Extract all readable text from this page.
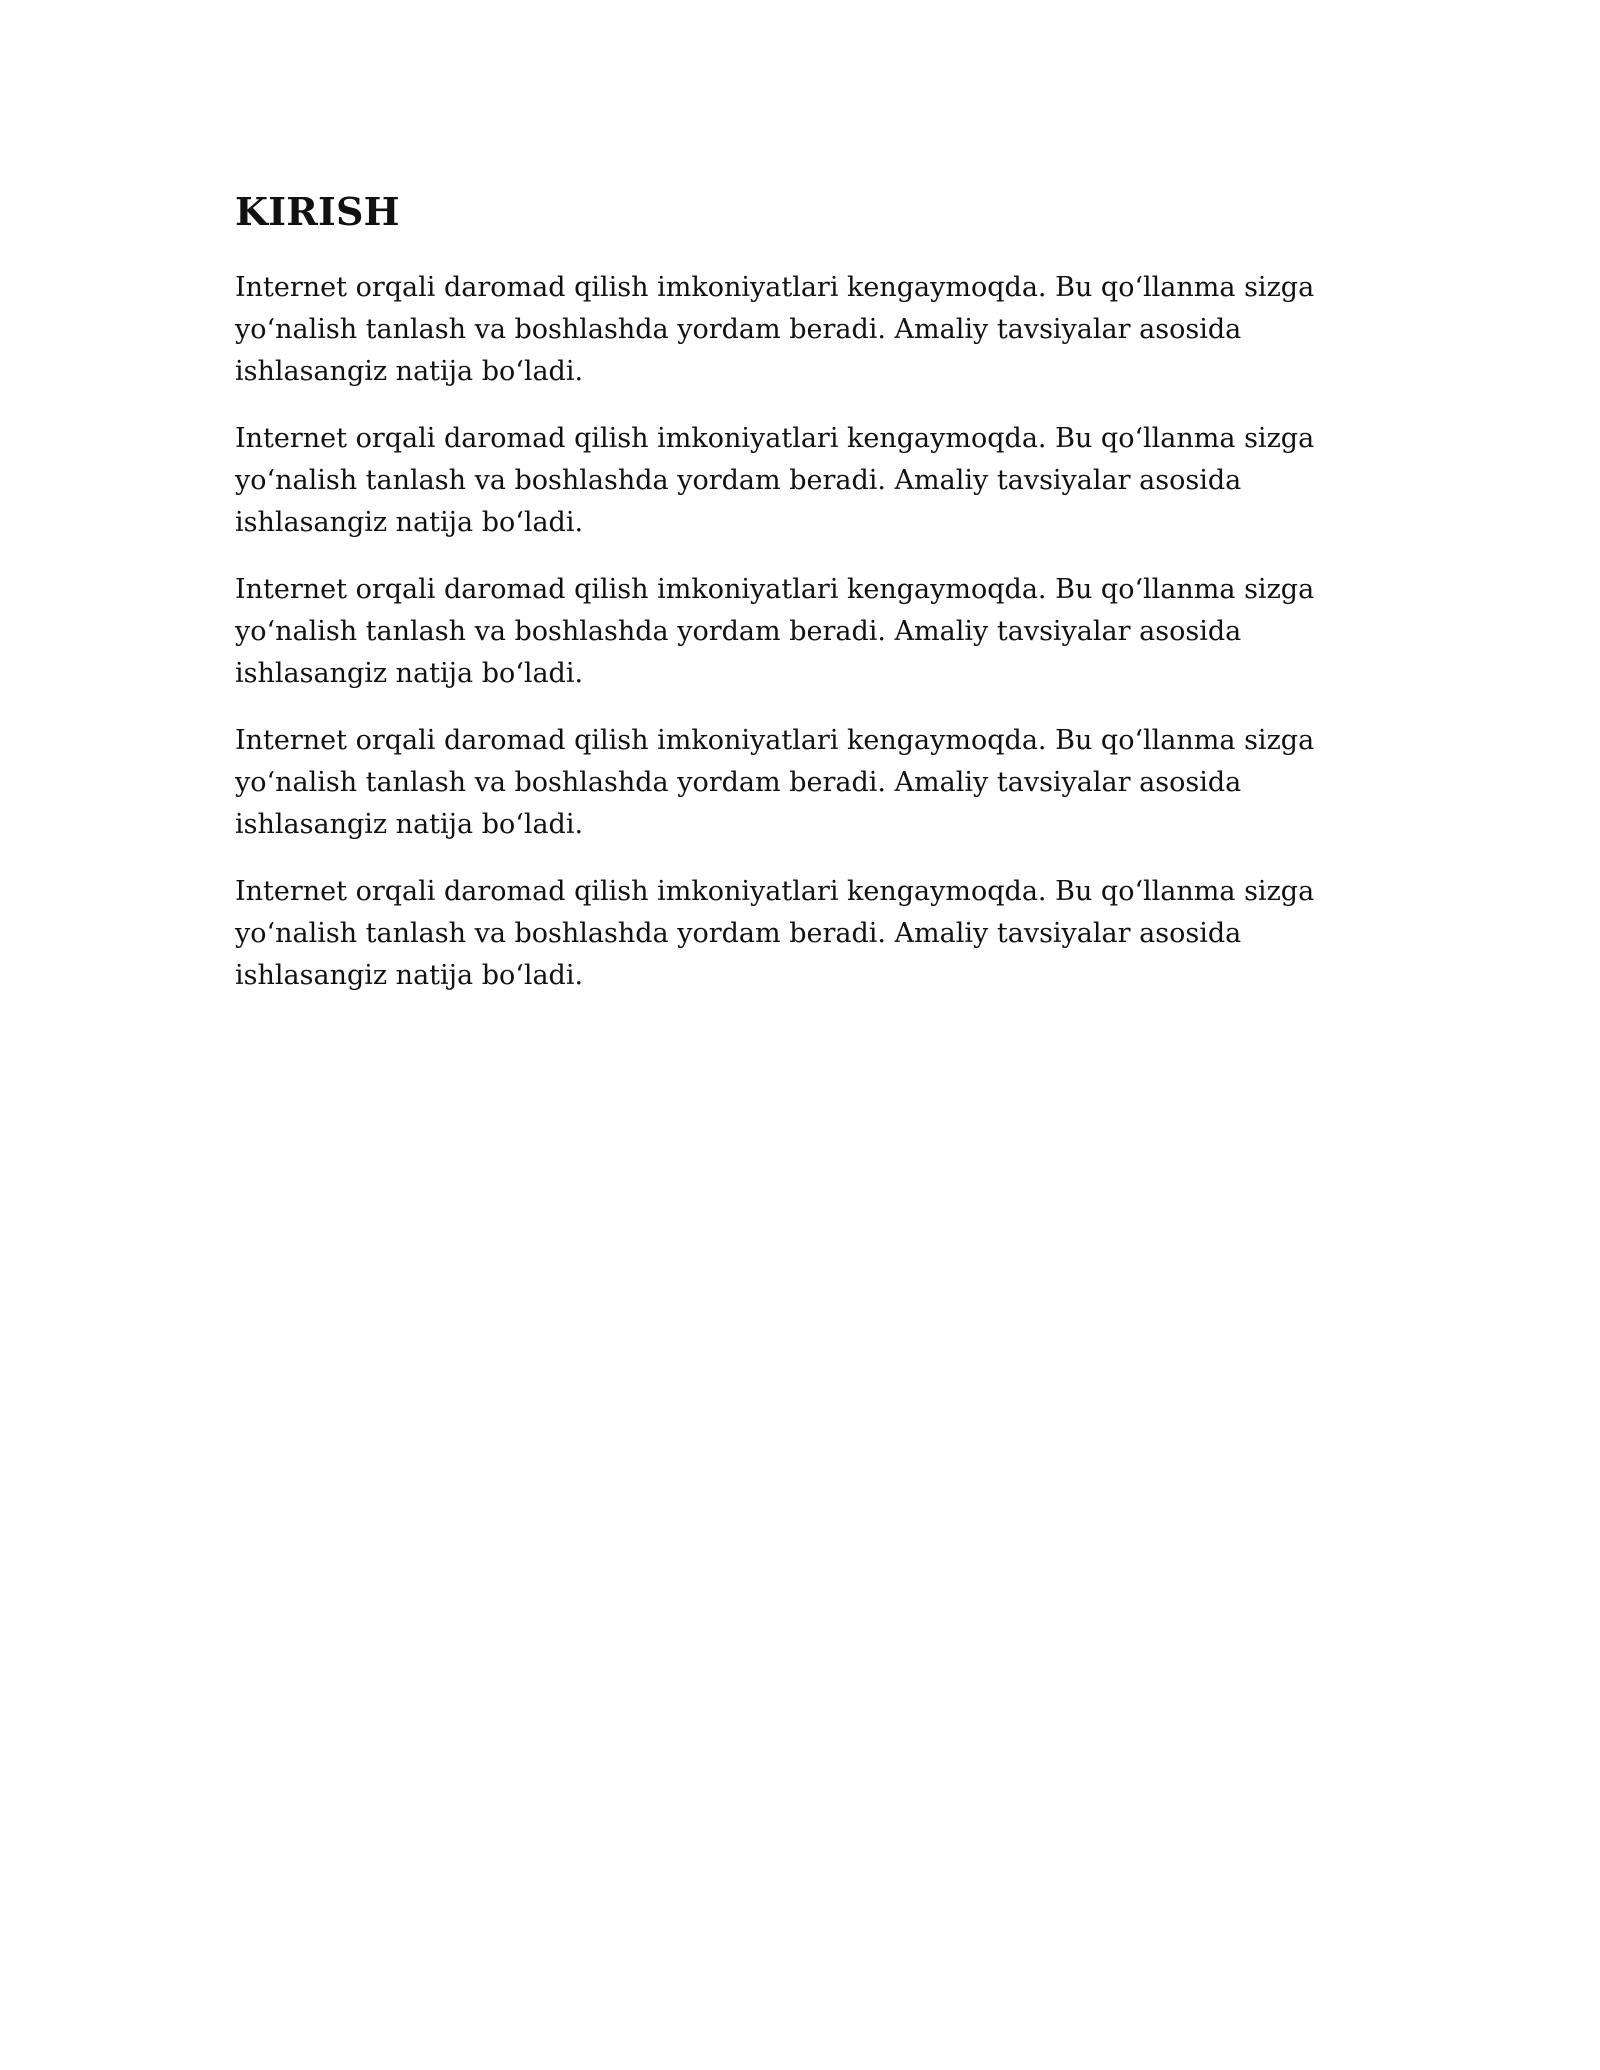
KIRISH

Internet orqali daromad qilish imkoniyatlari kengaymoqda. Bu qo‘llanma sizga yo‘nalish tanlash va boshlashda yordam beradi. Amaliy tavsiyalar asosida ishlasangiz natija bo‘ladi.

Internet orqali daromad qilish imkoniyatlari kengaymoqda. Bu qo‘llanma sizga yo‘nalish tanlash va boshlashda yordam beradi. Amaliy tavsiyalar asosida ishlasangiz natija bo‘ladi.

Internet orqali daromad qilish imkoniyatlari kengaymoqda. Bu qo‘llanma sizga yo‘nalish tanlash va boshlashda yordam beradi. Amaliy tavsiyalar asosida ishlasangiz natija bo‘ladi.

Internet orqali daromad qilish imkoniyatlari kengaymoqda. Bu qo‘llanma sizga yo‘nalish tanlash va boshlashda yordam beradi. Amaliy tavsiyalar asosida ishlasangiz natija bo‘ladi.

Internet orqali daromad qilish imkoniyatlari kengaymoqda. Bu qo‘llanma sizga yo‘nalish tanlash va boshlashda yordam beradi. Amaliy tavsiyalar asosida ishlasangiz natija bo‘ladi.
